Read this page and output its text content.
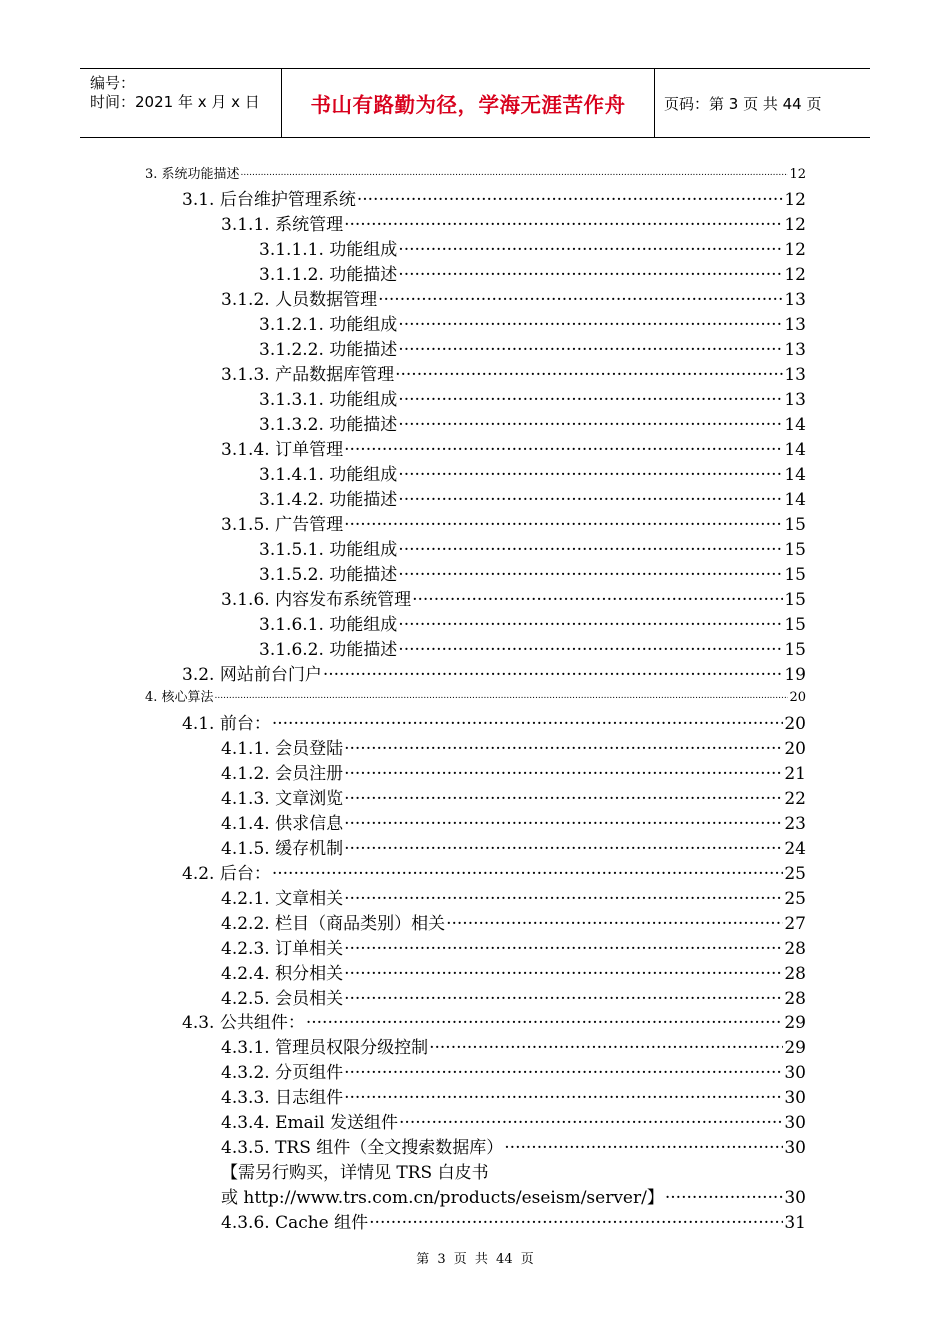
编号：
时间：2021 年 x 月 x 日 书山有路勤为径，学海无涯苦作舟	页码：第 3 页 共 44 页
3. 系统功能描述 .....	12
3.1. 后台维护管理系统 .....	12
3.1.1. 系统管理 .....	12
3.1.1.1. 功能组成 .....	12
3.1.1.2. 功能描述 .....	12
3.1.2. 人员数据管理 .....	13
3.1.2.1. 功能组成 .....	13
3.1.2.2. 功能描述 .....	13
3.1.3. 产品数据库管理 .....	13
3.1.3.1. 功能组成 .....	13
3.1.3.2. 功能描述 .....	14
3.1.4. 订单管理 .....	14
3.1.4.1. 功能组成 .....	14
3.1.4.2. 功能描述 .....	14
3.1.5. 广告管理 .....	15
3.1.5.1. 功能组成 .....	15
3.1.5.2. 功能描述 .....	15
3.1.6. 内容发布系统管理 .....	15
3.1.6.1. 功能组成 .....	15
3.1.6.2. 功能描述 .....	15
3.2. 网站前台门户 .....	19
4. 核心算法 .....	20
4.1. 前台： .....	20
4.1.1. 会员登陆 .....	20
4.1.2. 会员注册 .....	21
4.1.3. 文章浏览 .....	22
4.1.4. 供求信息 .....	23
4.1.5. 缓存机制 .....	24
4.2. 后台： .....	25
4.2.1. 文章相关 .....	25
4.2.2. 栏目（商品类别）相关 .....	27
4.2.3. 订单相关 .....	28
4.2.4. 积分相关 .....	28
4.2.5. 会员相关 .....	28
4.3. 公共组件： .....	29
4.3.1. 管理员权限分级控制 .....	29
4.3.2. 分页组件 .....	30
4.3.3. 日志组件 .....	30
4.3.4. Email 发送组件 .....	30
4.3.5. TRS 组件（全文搜索数据库） .....	30
【需另行购买，详情见 TRS 白皮书
或 http://www.trs.com.cn/products/eseism/server/】 .....	30
4.3.6. Cache 组件 .....	31
第 3 页 共 44 页
